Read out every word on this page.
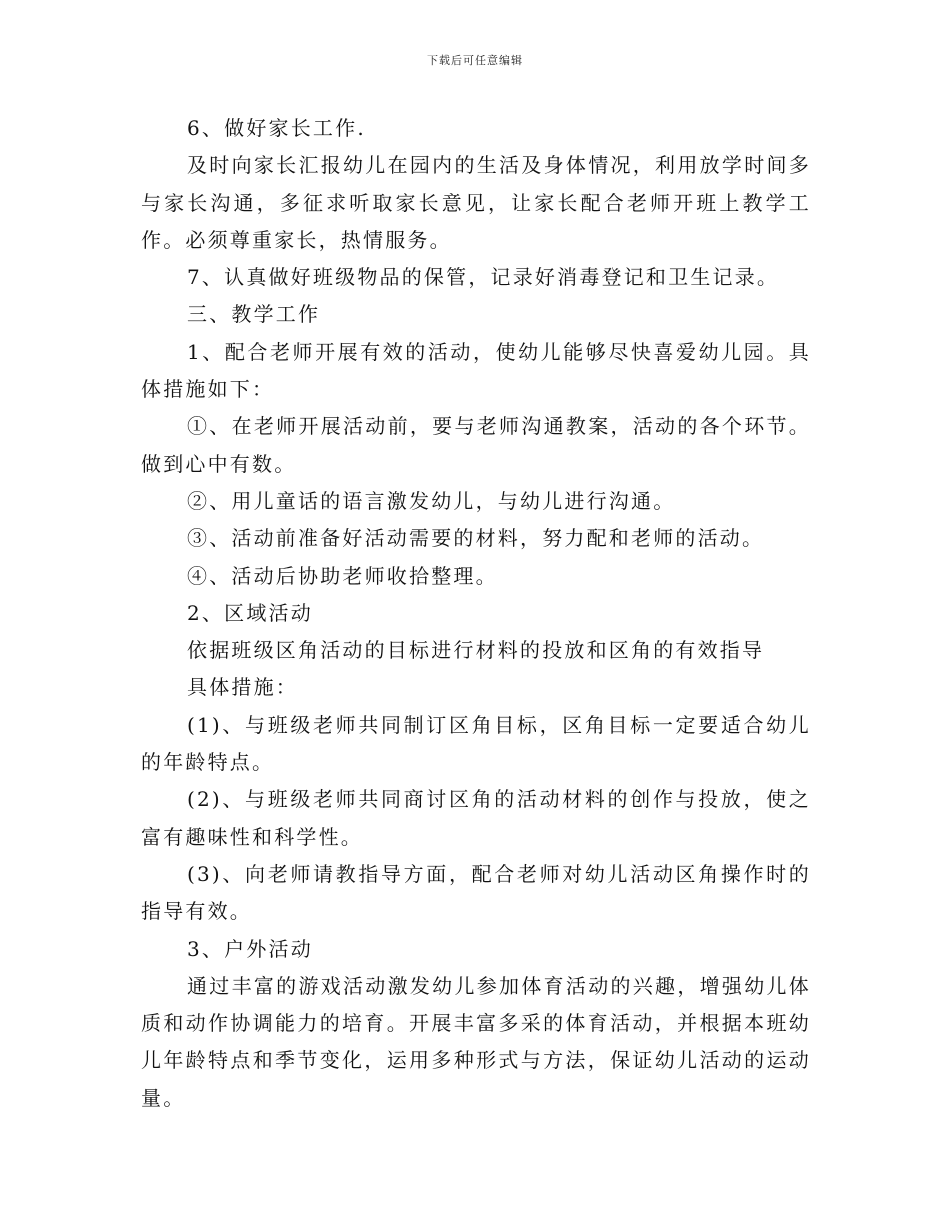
下载后可任意编辑

6、做好家长工作.

及时向家长汇报幼儿在园内的生活及身体情况，利用放学时间多与家长沟通，多征求听取家长意见，让家长配合老师开班上教学工作。必须尊重家长，热情服务。

7、认真做好班级物品的保管，记录好消毒登记和卫生记录。

三、教学工作

1、配合老师开展有效的活动，使幼儿能够尽快喜爱幼儿园。具体措施如下：

①、在老师开展活动前，要与老师沟通教案，活动的各个环节。做到心中有数。

②、用儿童话的语言激发幼儿，与幼儿进行沟通。

③、活动前准备好活动需要的材料，努力配和老师的活动。

④、活动后协助老师收拾整理。

2、区域活动

依据班级区角活动的目标进行材料的投放和区角的有效指导

具体措施：

(1)、与班级老师共同制订区角目标，区角目标一定要适合幼儿的年龄特点。

(2)、与班级老师共同商讨区角的活动材料的创作与投放，使之富有趣味性和科学性。

(3)、向老师请教指导方面，配合老师对幼儿活动区角操作时的指导有效。

3、户外活动

通过丰富的游戏活动激发幼儿参加体育活动的兴趣，增强幼儿体质和动作协调能力的培育。开展丰富多采的体育活动，并根据本班幼儿年龄特点和季节变化，运用多种形式与方法，保证幼儿活动的运动量。
